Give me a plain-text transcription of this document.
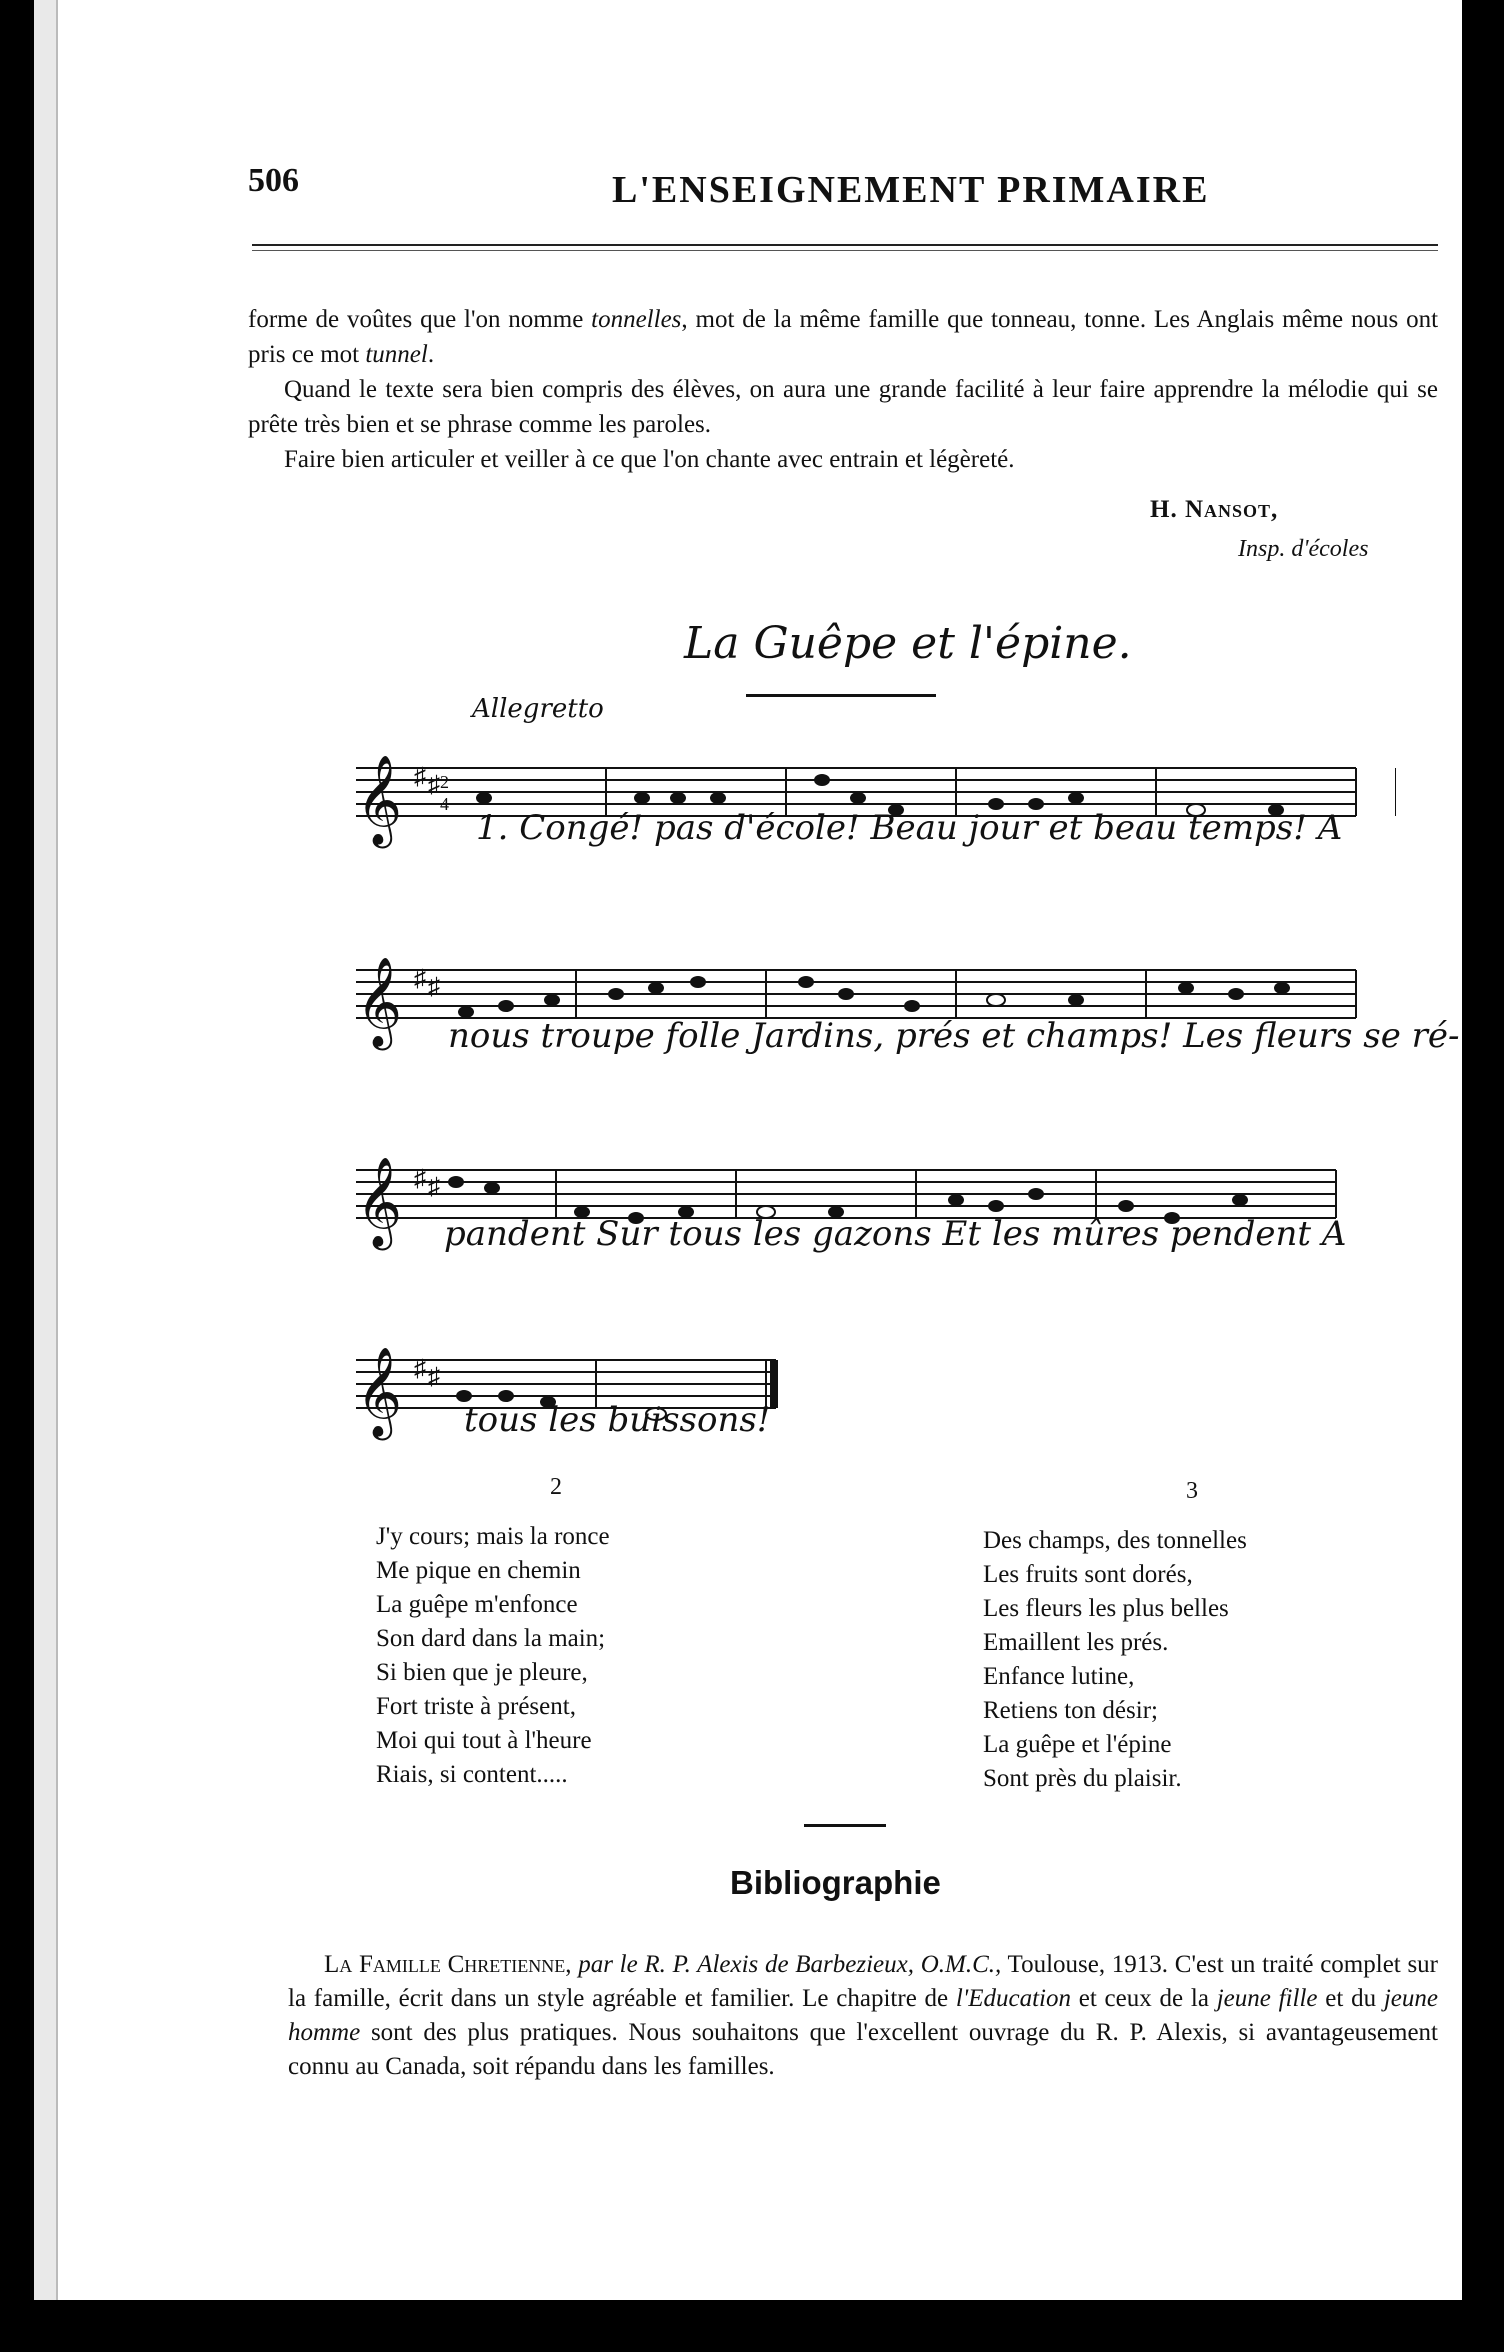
506	L'ENSEIGNEMENT PRIMAIRE

forme de voûtes que l'on nomme tonnelles, mot de la même famille que tonneau, tonne. Les Anglais même nous ont pris ce mot tunnel.

Quand le texte sera bien compris des élèves, on aura une grande facilité à leur faire apprendre la mélodie qui se prête très bien et se phrase comme les paroles.

Faire bien articuler et veiller à ce que l'on chante avec entrain et légèreté.

H. Nansot,
Insp. d'écoles
La Guêpe et l'épine.
Allegretto
𝄞 ♯ ♯ 2
4
1. Congé! pas d'école! Beau jour et beau temps! A
𝄞 ♯ ♯
nous troupe folle Jardins, prés et champs! Les fleurs se ré-
𝄞 ♯ ♯
pandent Sur tous les gazons Et les mûres pendent A
𝄞 ♯ ♯
tous les buissons!
2
J'y cours; mais la ronce
Me pique en chemin
La guêpe m'enfonce
Son dard dans la main;
Si bien que je pleure,
Fort triste à présent,
Moi qui tout à l'heure
Riais, si content.....
3
Des champs, des tonnelles
Les fruits sont dorés,
Les fleurs les plus belles
Emaillent les prés.
Enfance lutine,
Retiens ton désir;
La guêpe et l'épine
Sont près du plaisir.
Bibliographie

La Famille Chretienne, par le R. P. Alexis de Barbezieux, O.M.C., Toulouse, 1913. C'est un traité complet sur la famille, écrit dans un style agréable et familier. Le chapitre de l'Education et ceux de la jeune fille et du jeune homme sont des plus pratiques. Nous souhaitons que l'excellent ouvrage du R. P. Alexis, si avantageusement connu au Canada, soit répandu dans les familles.
